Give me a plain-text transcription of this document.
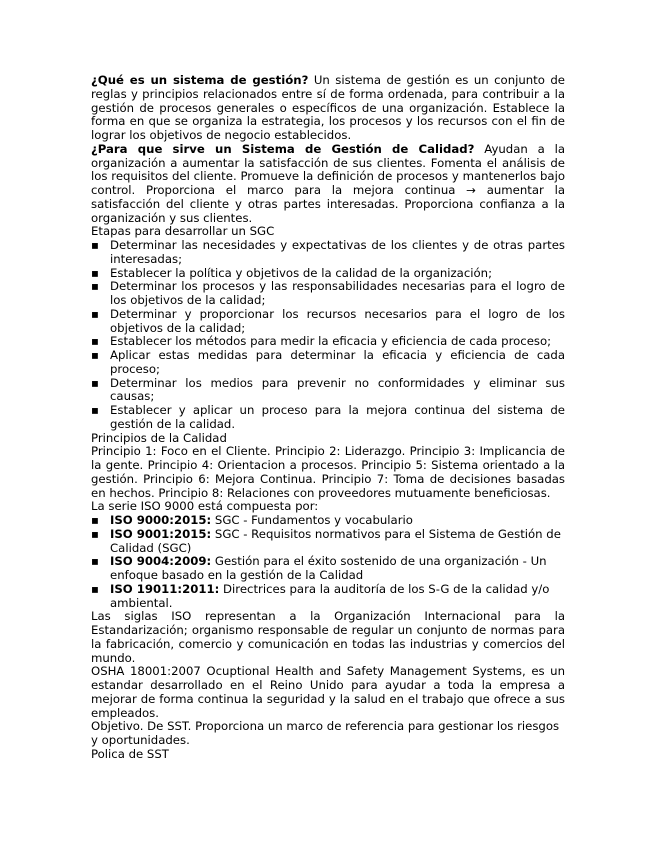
¿Qué es un sistema de gestión? Un sistema de gestión es un conjunto de reglas y principios relacionados entre sí de forma ordenada, para contribuir a la gestión de procesos generales o específicos de una organización. Establece la forma en que se organiza la estrategia, los procesos y los recursos con el fin de lograr los objetivos de negocio establecidos.

¿Para que sirve un Sistema de Gestión de Calidad? Ayudan a la organización a aumentar la satisfacción de sus clientes. Fomenta el análisis de los requisitos del cliente. Promueve la definición de procesos y mantenerlos bajo control. Proporciona el marco para la mejora continua → aumentar la satisfacción del cliente y otras partes interesadas. Proporciona confianza a la organización y sus clientes.

Etapas para desarrollar un SGC

▪ Determinar las necesidades y expectativas de los clientes y de otras partes interesadas;
▪ Establecer la política y objetivos de la calidad de la organización;
▪ Determinar los procesos y las responsabilidades necesarias para el logro de los objetivos de la calidad;
▪ Determinar y proporcionar los recursos necesarios para el logro de los objetivos de la calidad;
▪ Establecer los métodos para medir la eficacia y eficiencia de cada proceso;
▪ Aplicar estas medidas para determinar la eficacia y eficiencia de cada proceso;
▪ Determinar los medios para prevenir no conformidades y eliminar sus causas;
▪ Establecer y aplicar un proceso para la mejora continua del sistema de gestión de la calidad.

Principios de la Calidad

Principio 1: Foco en el Cliente. Principio 2: Liderazgo. Principio 3: Implicancia de la gente. Principio 4: Orientacion a procesos. Principio 5: Sistema orientado a la gestión. Principio 6: Mejora Continua. Principio 7: Toma de decisiones basadas en hechos. Principio 8: Relaciones con proveedores mutuamente beneficiosas.

La serie ISO 9000 está compuesta por:

▪ ISO 9000:2015: SGC - Fundamentos y vocabulario
▪ ISO 9001:2015: SGC - Requisitos normativos para el Sistema de Gestión de Calidad (SGC)
▪ ISO 9004:2009: Gestión para el éxito sostenido de una organización - Un enfoque basado en la gestión de la Calidad
▪ ISO 19011:2011: Directrices para la auditoría de los S-G de la calidad y/o ambiental.

Las siglas ISO representan a la Organización Internacional para la Estandarización; organismo responsable de regular un conjunto de normas para la fabricación, comercio y comunicación en todas las industrias y comercios del mundo.

OSHA 18001:2007 Ocuptional Health and Safety Management Systems, es un estandar desarrollado en el Reino Unido para ayudar a toda la empresa a mejorar de forma continua la seguridad y la salud en el trabajo que ofrece a sus empleados.

Objetivo. De SST. Proporciona un marco de referencia para gestionar los riesgos y oportunidades.

Polica de SST
